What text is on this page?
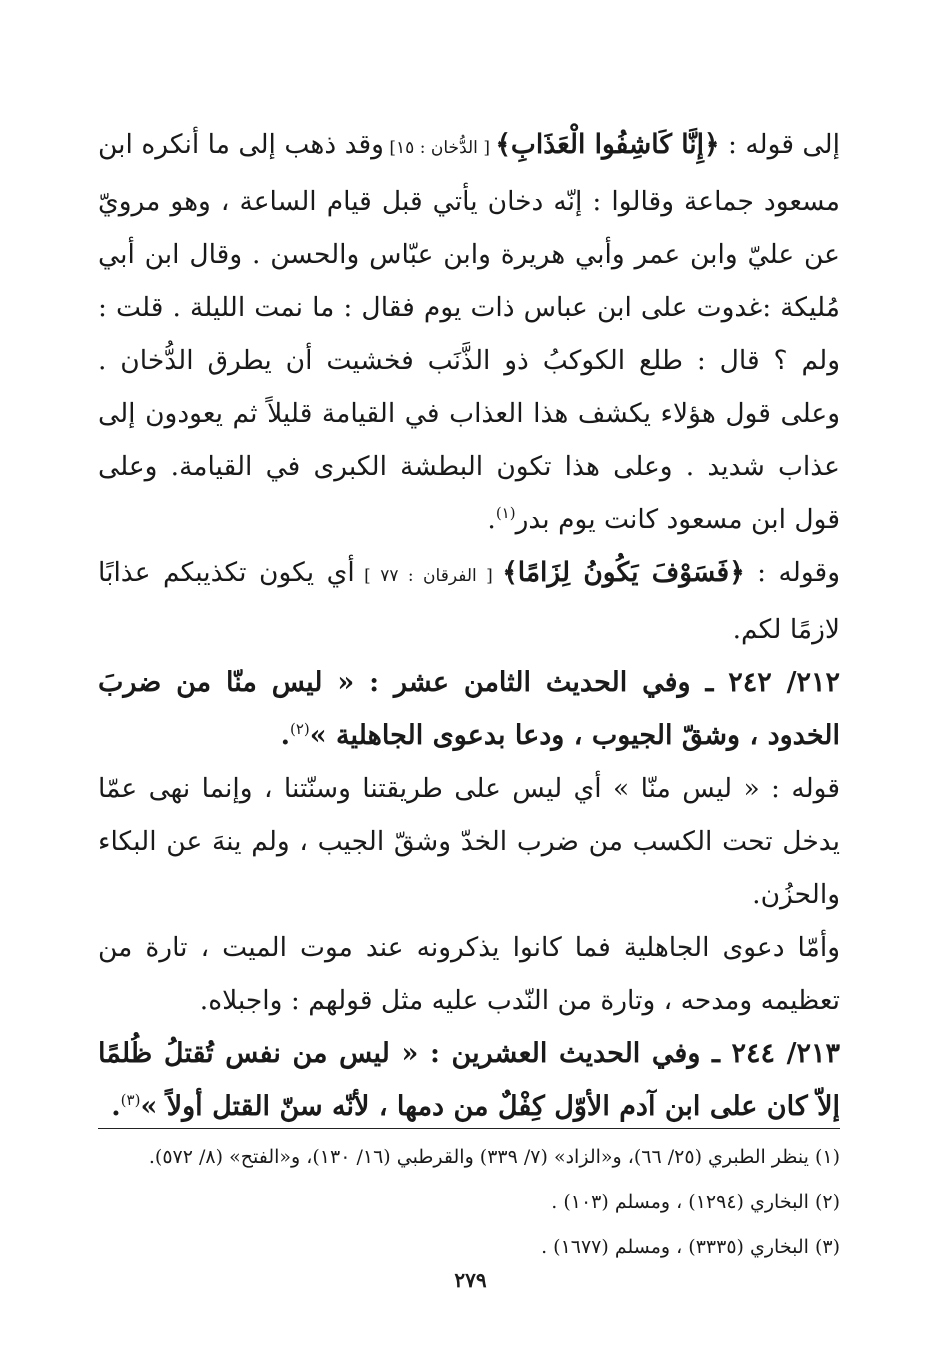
إلى قوله : ﴿إِنَّا كَاشِفُوا الْعَذَابِ﴾ [ الدُّخان : ١٥] وقد ذهب إلى ما أنكره ابن مسعود جماعة وقالوا : إنّه دخان يأتي قبل قيام الساعة ، وهو مرويّ عن عليّ وابن عمر وأبي هريرة وابن عبّاس والحسن . وقال ابن أبي مُليكة :غدوت على ابن عباس ذات يوم فقال : ما نمت الليلة . قلت : ولم ؟ قال : طلع الكوكبُ ذو الذَّنَب فخشيت أن يطرق الدُّخان . وعلى قول هؤلاء يكشف هذا العذاب في القيامة قليلاً ثم يعودون إلى عذاب شديد . وعلى هذا تكون البطشة الكبرى في القيامة. وعلى قول ابن مسعود كانت يوم بدر$^{(١)}$.

وقوله : ﴿فَسَوْفَ يَكُونُ لِزَامًا﴾ [ الفرقان : ٧٧ ] أي يكون تكذيبكم عذابًا لازمًا لكم.

٢١٢/ ٢٤٢ ـ وفي الحديث الثامن عشر : « ليس منّا من ضربَ الخدود ، وشقّ الجيوب ، ودعا بدعوى الجاهلية »$^{(٢)}$.

قوله : « ليس منّا » أي ليس على طريقتنا وسنّتنا ، وإنما نهى عمّا يدخل تحت الكسب من ضرب الخدّ وشقّ الجيب ، ولم ينهَ عن البكاء والحزُن.

وأمّا دعوى الجاهلية فما كانوا يذكرونه عند موت الميت ، تارة من تعظيمه ومدحه ، وتارة من النّدب عليه مثل قولهم : واجبلاه.

٢١٣/ ٢٤٤ ـ وفي الحديث العشرين : « ليس من نفس تُقتلُ ظُلمًا إلاّ كان على ابن آدم الأوّل كِفْلٌ من دمها ، لأنّه سنّ القتل أولاً »$^{(٣)}$.

(١) ينظر الطبري (٢٥/ ٦٦)، و«الزاد» (٧/ ٣٣٩) والقرطبي (١٦/ ١٣٠)، و«الفتح» (٨/ ٥٧٢).

(٢) البخاري (١٢٩٤) ، ومسلم (١٠٣) .

(٣) البخاري (٣٣٣٥) ، ومسلم (١٦٧٧) .

٢٧٩
